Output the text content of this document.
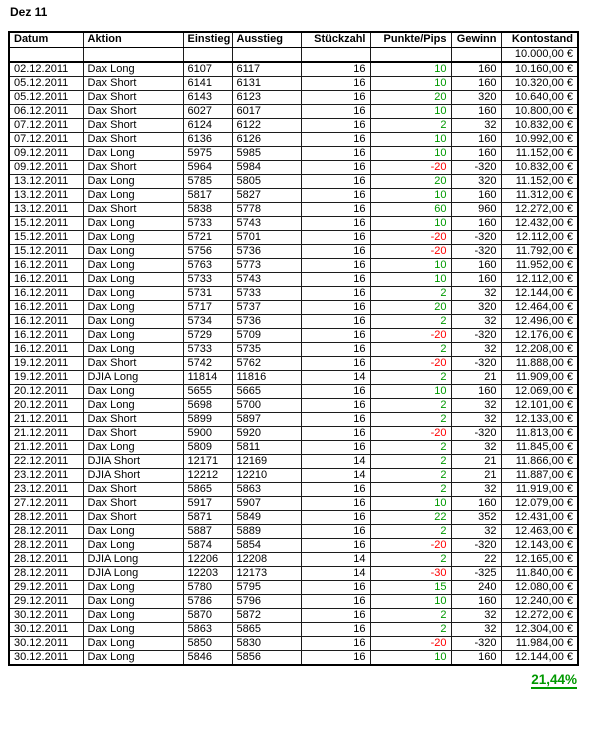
Dez 11
Datum	Aktion	Einstieg	Ausstieg	Stückzahl	Punkte/Pips	Gewinn	Kontostand
							10.000,00 €
02.12.2011	Dax Long	6107	6117	16	10	160	10.160,00 €
05.12.2011	Dax Short	6141	6131	16	10	160	10.320,00 €
05.12.2011	Dax Short	6143	6123	16	20	320	10.640,00 €
06.12.2011	Dax Short	6027	6017	16	10	160	10.800,00 €
07.12.2011	Dax Short	6124	6122	16	2	32	10.832,00 €
07.12.2011	Dax Short	6136	6126	16	10	160	10.992,00 €
09.12.2011	Dax Long	5975	5985	16	10	160	11.152,00 €
09.12.2011	Dax Short	5964	5984	16	-20	-320	10.832,00 €
13.12.2011	Dax Long	5785	5805	16	20	320	11.152,00 €
13.12.2011	Dax Long	5817	5827	16	10	160	11.312,00 €
13.12.2011	Dax Short	5838	5778	16	60	960	12.272,00 €
15.12.2011	Dax Long	5733	5743	16	10	160	12.432,00 €
15.12.2011	Dax Long	5721	5701	16	-20	-320	12.112,00 €
15.12.2011	Dax Long	5756	5736	16	-20	-320	11.792,00 €
16.12.2011	Dax Long	5763	5773	16	10	160	11.952,00 €
16.12.2011	Dax Long	5733	5743	16	10	160	12.112,00 €
16.12.2011	Dax Long	5731	5733	16	2	32	12.144,00 €
16.12.2011	Dax Long	5717	5737	16	20	320	12.464,00 €
16.12.2011	Dax Long	5734	5736	16	2	32	12.496,00 €
16.12.2011	Dax Long	5729	5709	16	-20	-320	12.176,00 €
16.12.2011	Dax Long	5733	5735	16	2	32	12.208,00 €
19.12.2011	Dax Short	5742	5762	16	-20	-320	11.888,00 €
19.12.2011	DJIA Long	11814	11816	14	2	21	11.909,00 €
20.12.2011	Dax Long	5655	5665	16	10	160	12.069,00 €
20.12.2011	Dax Long	5698	5700	16	2	32	12.101,00 €
21.12.2011	Dax Short	5899	5897	16	2	32	12.133,00 €
21.12.2011	Dax Short	5900	5920	16	-20	-320	11.813,00 €
21.12.2011	Dax Long	5809	5811	16	2	32	11.845,00 €
22.12.2011	DJIA Short	12171	12169	14	2	21	11.866,00 €
23.12.2011	DJIA Short	12212	12210	14	2	21	11.887,00 €
23.12.2011	Dax Short	5865	5863	16	2	32	11.919,00 €
27.12.2011	Dax Short	5917	5907	16	10	160	12.079,00 €
28.12.2011	Dax Short	5871	5849	16	22	352	12.431,00 €
28.12.2011	Dax Long	5887	5889	16	2	32	12.463,00 €
28.12.2011	Dax Long	5874	5854	16	-20	-320	12.143,00 €
28.12.2011	DJIA Long	12206	12208	14	2	22	12.165,00 €
28.12.2011	DJIA Long	12203	12173	14	-30	-325	11.840,00 €
29.12.2011	Dax Long	5780	5795	16	15	240	12.080,00 €
29.12.2011	Dax Long	5786	5796	16	10	160	12.240,00 €
30.12.2011	Dax Long	5870	5872	16	2	32	12.272,00 €
30.12.2011	Dax Long	5863	5865	16	2	32	12.304,00 €
30.12.2011	Dax Long	5850	5830	16	-20	-320	11.984,00 €
30.12.2011	Dax Long	5846	5856	16	10	160	12.144,00 €
21,44%
